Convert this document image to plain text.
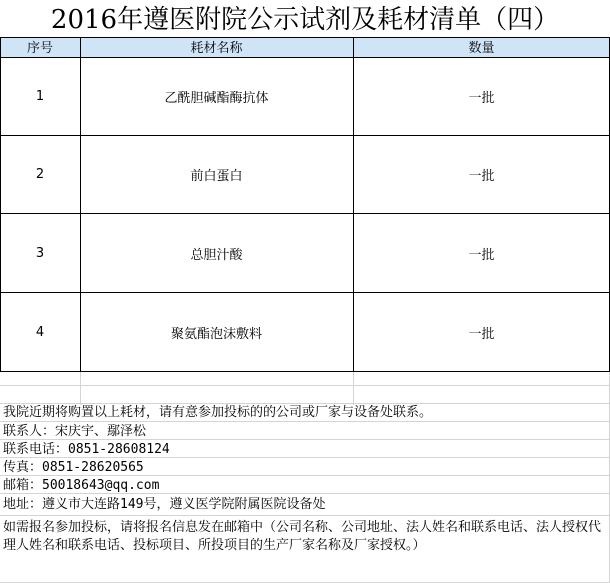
2016年遵医附院公示试剂及耗材清单（四）
序号	耗材名称	数量
1	乙酰胆碱酯酶抗体	一批
2	前白蛋白	一批
3	总胆汁酸	一批
4	聚氨酯泡沫敷料	一批
我院近期将购置以上耗材，请有意参加投标的的公司或厂家与设备处联系。
联系人：宋庆宇、鄢泽松
联系电话：0851-28608124
传真：0851-28620565
邮箱：50018643@qq.com
地址：遵义市大连路149号，遵义医学院附属医院设备处
如需报名参加投标，请将报名信息发在邮箱中（公司名称、公司地址、法人姓名和联系电话、法人授权代理人姓名和联系电话、投标项目、所投项目的生产厂家名称及厂家授权。）
